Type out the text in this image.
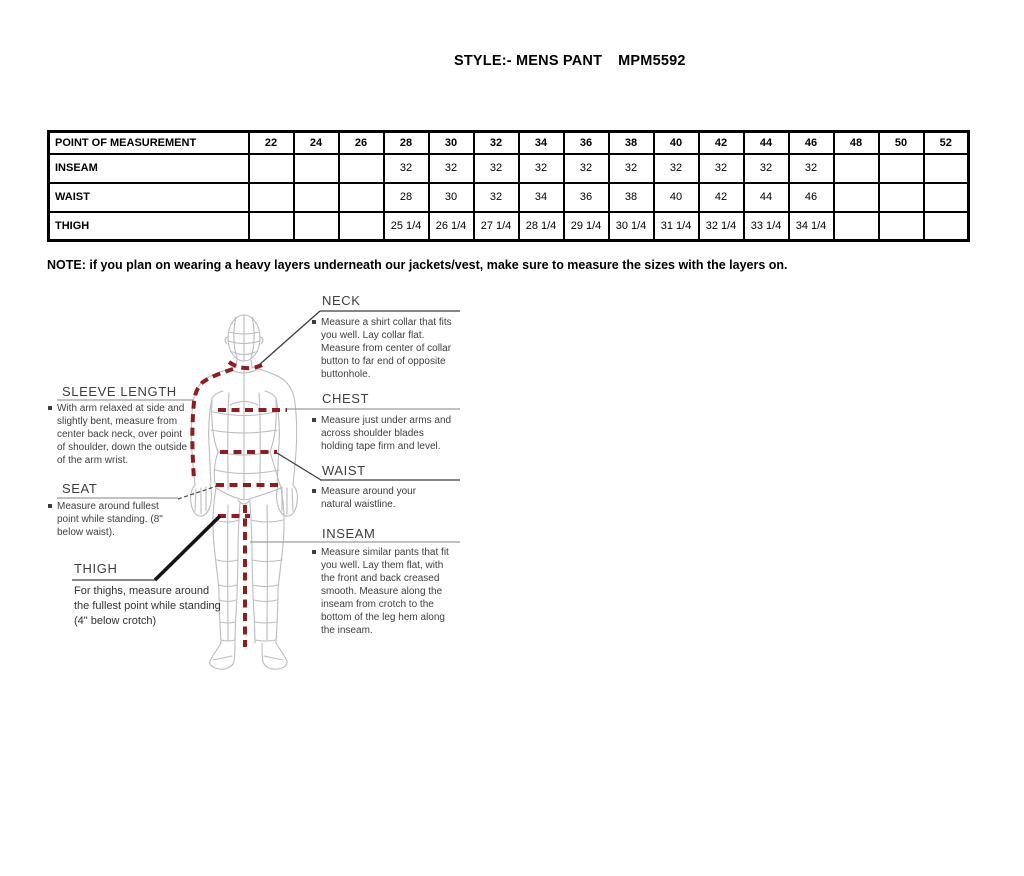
STYLE:- MENS PANT MPM5592
POINT OF MEASUREMENT	22	24	26	28	30	32	34	36	38	40	42	44	46	48	50	52
INSEAM				32	32	32	32	32	32	32	32	32	32			
WAIST				28	30	32	34	36	38	40	42	44	46			
THIGH				25 1/4	26 1/4	27 1/4	28 1/4	29 1/4	30 1/4	31 1/4	32 1/4	33 1/4	34 1/4			
NOTE: if you plan on wearing a heavy layers underneath our jackets/vest, make sure to measure the sizes with the layers on.
NECK
Measure a shirt collar that fits you well. Lay collar flat. Measure from center of collar button to far end of opposite buttonhole.
CHEST
Measure just under arms and across shoulder blades holding tape firm and level.
WAIST
Measure around your natural waistline.
INSEAM
Measure similar pants that fit you well. Lay them flat, with the front and back creased smooth. Measure along the inseam from crotch to the bottom of the leg hem along the inseam.
SLEEVE LENGTH
With arm relaxed at side and slightly bent, measure from center back neck, over point of shoulder, down the outside of the arm wrist.
SEAT
Measure around fullest point while standing. (8" below waist).
THIGH
For thighs, measure around the fullest point while standing (4" below crotch)
